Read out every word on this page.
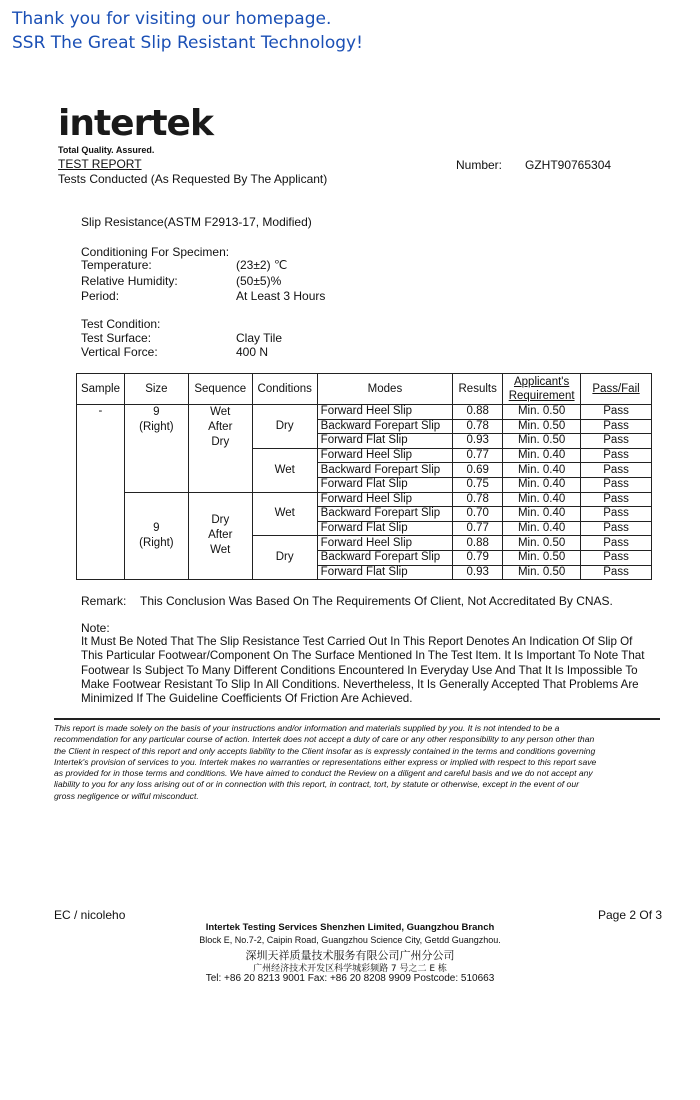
Thank you for visiting our homepage.
SSR The Great Slip Resistant Technology!
intertek
Total Quality. Assured.
TEST REPORT
Tests Conducted (As Requested By The Applicant)
Number: GZHT90765304
Slip Resistance(ASTM F2913-17, Modified)
Conditioning For Specimen:
Temperature:	(23±2) ℃
Relative Humidity:	(50±5)%
Period:	At Least 3 Hours
Test Condition:
Test Surface:	Clay Tile
Vertical Force:	400 N
Sample	Size	Sequence	Conditions	Modes	Results	Applicant's
Requirement	Pass/Fail
-	9 (Right)	Wet After Dry	Dry	Forward Heel Slip	0.88	Min. 0.50	Pass
				Backward Forepart Slip	0.78	Min. 0.50	Pass
				Forward Flat Slip	0.93	Min. 0.50	Pass
			Wet	Forward Heel Slip	0.77	Min. 0.40	Pass
				Backward Forepart Slip	0.69	Min. 0.40	Pass
				Forward Flat Slip	0.75	Min. 0.40	Pass
	9 (Right)	Dry After Wet	Wet	Forward Heel Slip	0.78	Min. 0.40	Pass
				Backward Forepart Slip	0.70	Min. 0.40	Pass
				Forward Flat Slip	0.77	Min. 0.40	Pass
			Dry	Forward Heel Slip	0.88	Min. 0.50	Pass
				Backward Forepart Slip	0.79	Min. 0.50	Pass
				Forward Flat Slip	0.93	Min. 0.50	Pass
Remark: This Conclusion Was Based On The Requirements Of Client, Not Accreditated By CNAS.
Note:
It Must Be Noted That The Slip Resistance Test Carried Out In This Report Denotes An Indication Of Slip Of
This Particular Footwear/Component On The Surface Mentioned In The Test Item. It Is Important To Note That
Footwear Is Subject To Many Different Conditions Encountered In Everyday Use And That It Is Impossible To
Make Footwear Resistant To Slip In All Conditions. Nevertheless, It Is Generally Accepted That Problems Are
Minimized If The Guideline Coefficients Of Friction Are Achieved.
This report is made solely on the basis of your instructions and/or information and materials supplied by you. It is not intended to be a
recommendation for any particular course of action. Intertek does not accept a duty of care or any other responsibility to any person other than
the Client in respect of this report and only accepts liability to the Client insofar as is expressly contained in the terms and conditions governing
Intertek's provision of services to you. Intertek makes no warranties or representations either express or implied with respect to this report save
as provided for in those terms and conditions. We have aimed to conduct the Review on a diligent and careful basis and we do not accept any
liability to you for any loss arising out of or in connection with this report, in contract, tort, by statute or otherwise, except in the event of our
gross negligence or wilful misconduct.
EC / nicoleho	Page 2 Of 3
Intertek Testing Services Shenzhen Limited, Guangzhou Branch
Block E, No.7-2, Caipin Road, Guangzhou Science City, Getdd Guangzhou.
深圳天祥质量技术服务有限公司广州分公司
广州经济技术开发区科学城彩频路 7 号之二 E 栋
Tel: +86 20 8213 9001 Fax: +86 20 8208 9909 Postcode: 510663
